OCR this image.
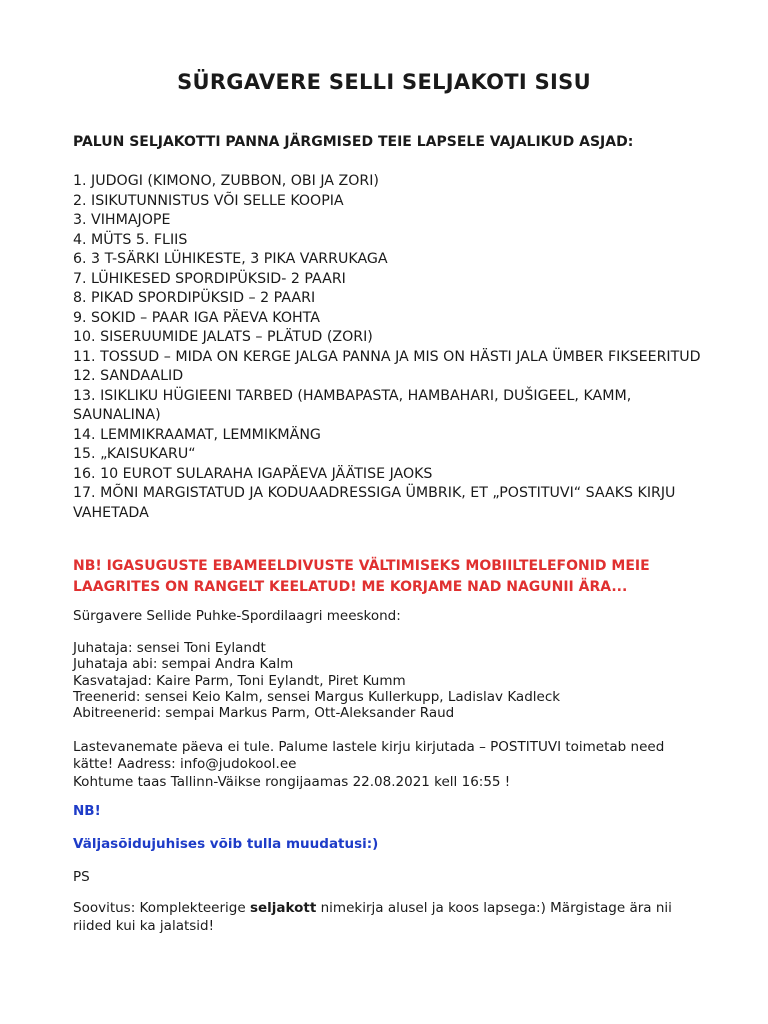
SÜRGAVERE SELLI SELJAKOTI SISU

PALUN SELJAKOTTI PANNA JÄRGMISED TEIE LAPSELE VAJALIKUD ASJAD:

1. JUDOGI (KIMONO, ZUBBON, OBI JA ZORI)
2. ISIKUTUNNISTUS VÕI SELLE KOOPIA
3. VIHMAJOPE
4. MÜTS 5. FLIIS
6. 3 T-SÄRKI LÜHIKESTE, 3 PIKA VARRUKAGA
7. LÜHIKESED SPORDIPÜKSID- 2 PAARI
8. PIKAD SPORDIPÜKSID – 2 PAARI
9. SOKID – PAAR IGA PÄEVA KOHTA
10. SISERUUMIDE JALATS – PLÄTUD (ZORI)
11. TOSSUD – MIDA ON KERGE JALGA PANNA JA MIS ON HÄSTI JALA ÜMBER FIKSEERITUD
12. SANDAALID
13. ISIKLIKU HÜGIEENI TARBED (HAMBAPASTA, HAMBAHARI, DUŠIGEEL, KAMM, SAUNALINA)
14. LEMMIKRAAMAT, LEMMIKMÄNG
15. „KAISUKARU“
16. 10 EUROT SULARAHA IGAPÄEVA JÄÄTISE JAOKS
17. MÕNI MARGISTATUD JA KODUAADRESSIGA ÜMBRIK, ET „POSTITUVI“ SAAKS KIRJU VAHETADA

NB! IGASUGUSTE EBAMEELDIVUSTE VÄLTIMISEKS MOBIILTELEFONID MEIE LAAGRITES ON RANGELT KEELATUD! ME KORJAME NAD NAGUNII ÄRA...

Sürgavere Sellide Puhke-Spordilaagri meeskond:

Juhataja: sensei Toni Eylandt
Juhataja abi: sempai Andra Kalm
Kasvatajad: Kaire Parm, Toni Eylandt, Piret Kumm
Treenerid: sensei Keio Kalm, sensei Margus Kullerkupp, Ladislav Kadleck
Abitreenerid: sempai Markus Parm, Ott-Aleksander Raud

Lastevanemate päeva ei tule. Palume lastele kirju kirjutada – POSTITUVI toimetab need kätte! Aadress: info@judokool.ee
Kohtume taas Tallinn-Väikse rongijaamas 22.08.2021 kell 16:55 !

NB!

Väljasõidujuhises võib tulla muudatusi:)

PS

Soovitus: Komplekteerige seljakott nimekirja alusel ja koos lapsega:) Märgistage ära nii riided kui ka jalatsid!
